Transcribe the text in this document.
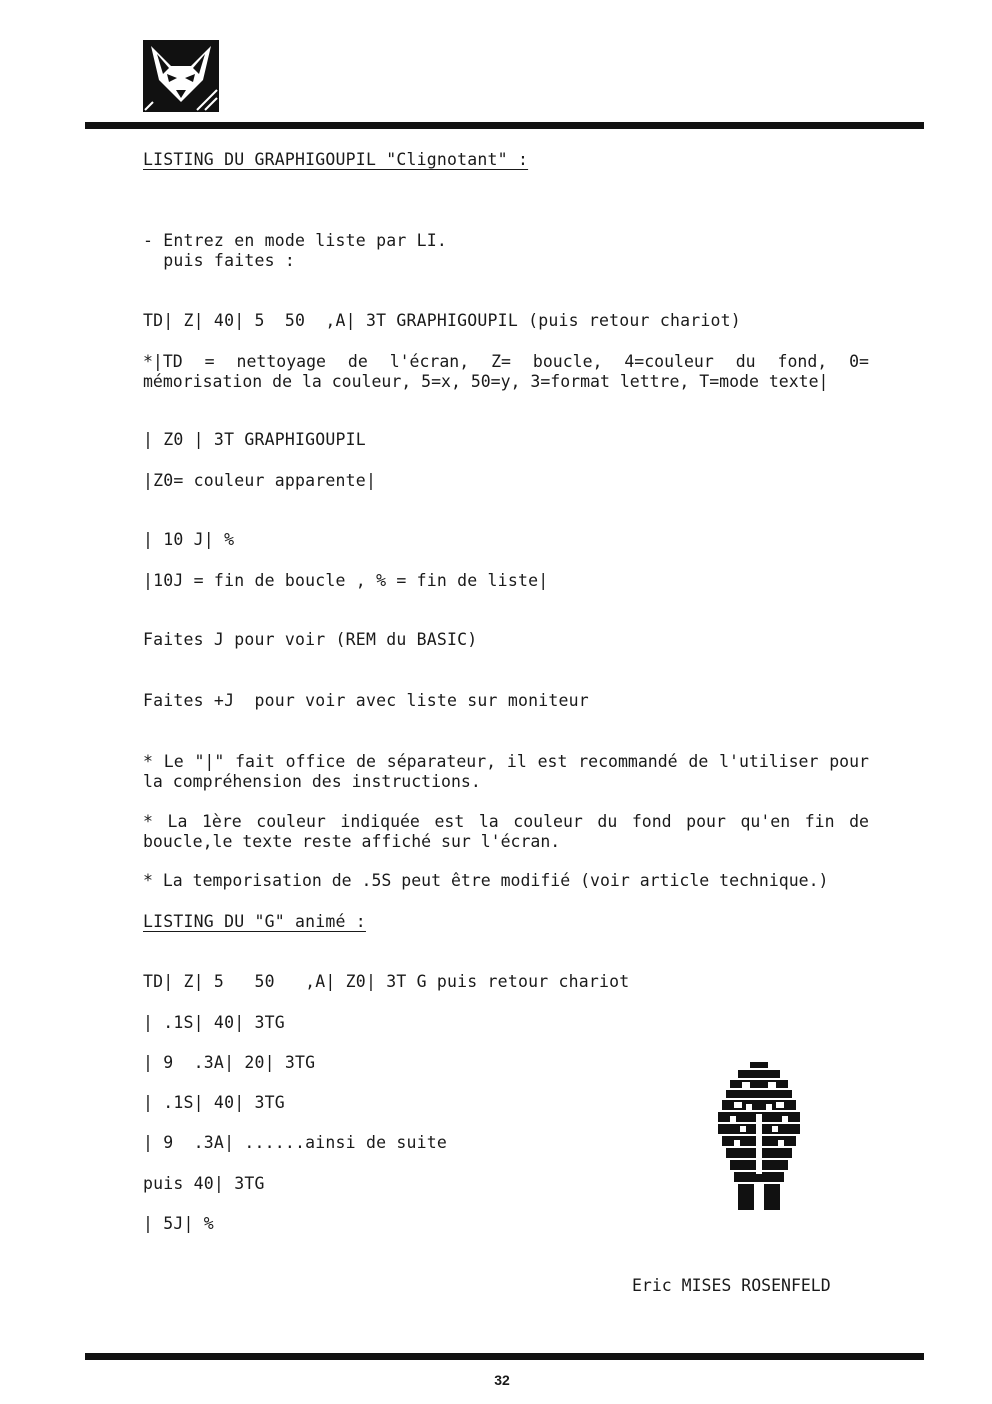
LISTING DU GRAPHIGOUPIL "Clignotant" :
- Entrez en mode liste par LI.
puis faites :
TD| Z| 40| 5  50  ,A| 3T GRAPHIGOUPIL (puis retour chariot)
*|TD = nettoyage de l'écran, Z= boucle, 4=couleur du fond, 0= mémorisation de la couleur, 5=x, 50=y, 3=format lettre, T=mode texte|
| Z0 | 3T GRAPHIGOUPIL
|Z0= couleur apparente|
| 10 J| %
|10J = fin de boucle , % = fin de liste|
Faites J pour voir (REM du BASIC)
Faites +J  pour voir avec liste sur moniteur
* Le "|" fait office de séparateur, il est recommandé de l'utiliser pour la compréhension des instructions.
* La 1ère couleur indiquée est la couleur du fond pour qu'en fin de boucle,le texte reste affiché sur l'écran.
* La temporisation de .5S peut être modifié (voir article technique.)
LISTING DU "G" animé :
TD| Z| 5   50   ,A| Z0| 3T G puis retour chariot
| .1S| 40| 3TG
| 9  .3A| 20| 3TG
| .1S| 40| 3TG
| 9  .3A| ......ainsi de suite
puis 40| 3TG
| 5J| %
Eric MISES ROSENFELD
32
